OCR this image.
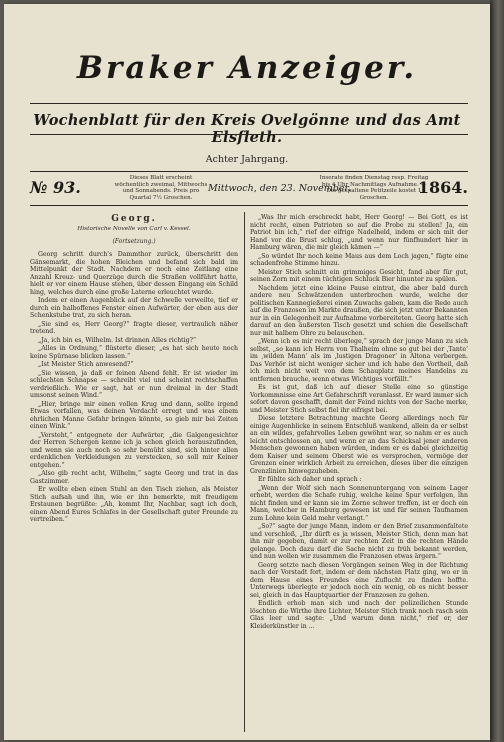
Braker Anzeiger.
Wochenblatt für den Kreis Ovelgönne und das Amt Elsfleth.
Achter Jahrgang.
№ 93.	Dieses Blatt erscheint wöchentlich zweimal, Mittwochs und Sonnabends. Preis pro Quartal 7½ Groschen.
Mittwoch, den 23. November.
Inserate finden Dienstag resp. Freitag bis 4 Uhr Nachmittags Aufnahme. — Die gespaltene Petitzeile kostet 1 Groschen.
1864.
Georg.
Historische Novelle von Carl v. Kessel.
(Fortsetzung.)

Georg schritt durch's Dammthor zurück, überschritt den Gänsemarkt, die hohen Bleichen und befand sich bald im Mittelpunkt der Stadt. Nachdem er noch eine Zeitlang eine Anzahl Kreuz- und Querzüge durch die Straßen vollführt hatte, hielt er vor einem Hause stehen, über dessen Eingang ein Schild hing, welches durch eine große Laterne erleuchtet wurde.

Indem er einen Augenblick auf der Schwelle verweilte, tief er durch ein halboffenes Fenster einen Aufwärter, der eben aus der Schenkstube trat, zu sich heran.

„Sie sind es, Herr Georg?“ fragte dieser, vertraulich näher tretend.

„Ja, ich bin es, Wilhelm. Ist drinnen Alles richtig?“

„Alles in Ordnung,“ flüsterte dieser, „es hat sich heute noch keine Spürnase blicken lassen.“

„Ist Meister Stich anwesend?“

„Sie wissen, ja daß er feinen Abend fehlt. Er ist wieder im schlechten Schnapse — schreibt viel und scheint rechtschaffen verdrießlich. Wie er sagt, hat er nun dreimal in der Stadt umsonst seinen Wind.“

„Hier, bringe mir einen vollen Krug und dann, sollte irgend Etwas vorfallen, was deinen Verdacht erregt und was einem ehrlichen Manne Gefahr bringen könnte, so gieb mir bei Zeiten einen Wink.“

„Versteht,“ entgegnete der Aufwärter, „die Galgengesichter der Herren Schergen kenne ich ja schon gleich herauszufinden, und wenn sie auch noch so sehr bemüht sind, sich hinter allen erdenklichen Verkleidungen zu verstecken, so soll mir Keiner entgehen.“

„Also gib recht acht, Wilhelm,“ sagte Georg und trat in das Gastzimmer.

Er wollte eben einen Stuhl an den Tisch ziehen, als Meister Stich aufsah und ihn, wie er ihn bemerkte, mit freudigem Erstaunen begrüßte: „Ah, kommt Ihr, Nachbar, sagt ich doch, einen Abend Eures Schlafes in der Gesellschaft guter Freunde zu vertreiben.“

„Was Ihr mich erschreckt habt, Herr Georg! — Bei Gott, es ist nicht recht, einen Patrioten so auf die Probe zu stellen! Ja, ein Patriot bin ich,“ rief der eifrige Nadelheld, indem er sich mit der Hand vor die Brust schlug, „und wenn nur fünfhundert hier in Hamburg wären, die mir gleich kämen —“

„So würdet Ihr noch keine Maus aus dem Loch jagen,“ fügte eine schadenfrohe Stimme hinzu.

Meister Stich schnitt ein grimmiges Gesicht, fand aber für gut, seinen Zorn mit einem tüchtigen Schluck Bier hinunter zu spülen.

Nachdem jetzt eine kleine Pause eintrat, die aber bald durch andere neu Schwätzenden unterbrochen wurde, welche der politischen Kannegießerei einen Zuwachs gaben, kam die Rede auch auf die Franzosen im Markte draußen, die sich jetzt unter Bekannten nur in ein Gelegenheit zur Aufnahme vorbereiteten. Georg hatte sich darauf an den äußersten Tisch gesetzt und schien die Gesellschaft nur mit halbem Ohre zu belauschen.

„Wenn ich es mir recht überlege,“ sprach der junge Mann zu sich selbst, „so kann ich Herrn von Thalheim ohne so gut bei der ‚Tante‘ im ‚wilden Mann‘ als im ‚lustigen Dragoner‘ in Altona verbergen. Das Verhör ist nicht weniger sicher und ich habe den Vortheil, daß ich mich nicht weit von dem Schauplatz meines Handelns zu entfernen brauche, wenn etwas Wichtiges vorfällt.“

Es ist gut, daß ich auf dieser Stelle eine so günstige Vorkommnisse eine Art Gefahrschrift veranlasst. Er ward immer sich sofort davon geschafft, damit der Feind nichts von der Sache merke, und Meister Stich selbst fiel ihr eifrigst bei.

Diese letztere Betrachtung machte Georg allerdings noch für einige Augenblicke in seinem Entschluß wankend, allein da er selbst an ein wildes, gefahrvolles Leben gewöhnt war, so nahm er es auch leicht entschlossen an, und wenn er an das Schicksal jener anderen Menschen gewonnen haben würden, indem er es dabei gleichzeitig dem Kaiser und seinem Oberst wie es versprochen, vermöge der Grenzen einer wirklich Arbeit zu erreichen, dieses über die einzigen Grenzlinien hinwegzuheben.

Er fühlte sich daher und sprach :

„Wenn der Wolf sich nach Sonnenuntergang von seinem Lager erhebt, werden die Schafe ruhig, welche keine Spur verfolgen, ihn nicht finden und er kann sie im Zorne schwer treffen, ist er doch ein Mann, welcher in Hamburg gewesen ist und für seinen Taufnamen zum Lohne kein Geld mehr verlangt.“

„So?“ sagte der junge Mann, indem er den Brief zusammenfaltete und verschloß, „Ihr dürft es ja wissen, Meister Stich, denn man hat ihn mir gegeben, damit er zur rechten Zeit in die rechten Hände gelange. Doch dazu darf die Sache nicht zu früh bekannt werden, und nun wollen wir zusammen die Franzosen etwas ärgern.“

Georg setzte nach diesen Vorgängen seinen Weg in der Richtung nach der Vorstadt fort, indem er dem nächsten Platz ging, wo er in dem Hause eines Freundes eine Zuflucht zu finden hoffte. Unterwegs überlegte er jedoch noch ein wenig, ob es nicht besser sei, gleich in das Hauptquartier der Franzosen zu gehen.

Endlich erhob man sich und nach der polizeilichen Stunde löschten die Wirthe ihre Lichter, Meister Stich trank noch rasch sein Glas leer und sagte: „Und warum denn nicht,“ rief er, der Kleiderkünstler in ...
